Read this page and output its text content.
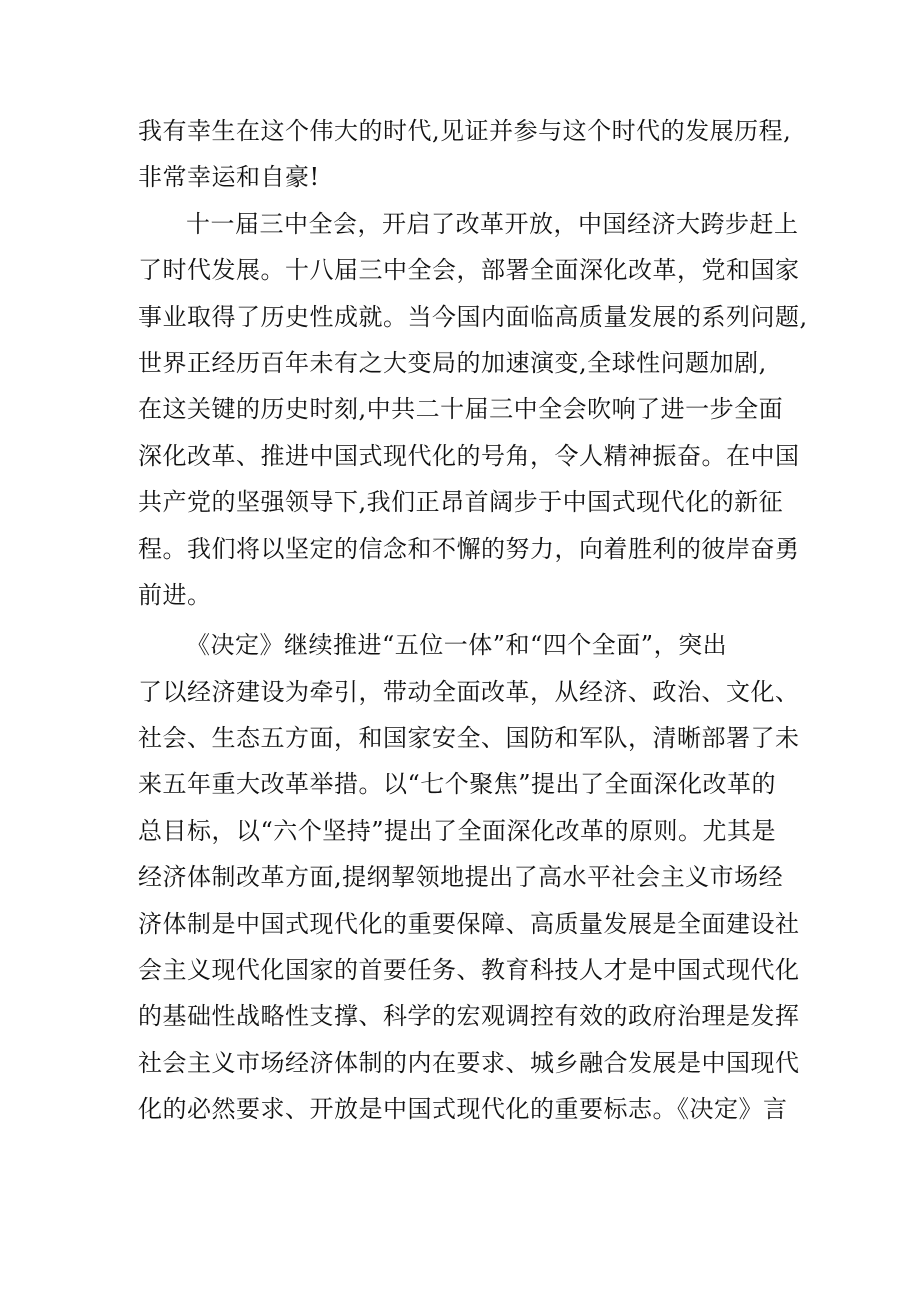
我有幸生在这个伟大的时代,见证并参与这个时代的发展历程,
非常幸运和自豪!
十一届三中全会，开启了改革开放，中国经济大跨步赶上
了时代发展。十八届三中全会，部署全面深化改革，党和国家
事业取得了历史性成就。当今国内面临高质量发展的系列问题,
世界正经历百年未有之大变局的加速演变,全球性问题加剧,
在这关键的历史时刻,中共二十届三中全会吹响了进一步全面
深化改革、推进中国式现代化的号角，令人精神振奋。在中国
共产党的坚强领导下,我们正昂首阔步于中国式现代化的新征
程。我们将以坚定的信念和不懈的努力，向着胜利的彼岸奋勇
前进。
《决定》继续推进“五位一体”和“四个全面”，突出
了以经济建设为牵引，带动全面改革，从经济、政治、文化、
社会、生态五方面，和国家安全、国防和军队，清晰部署了未
来五年重大改革举措。以“七个聚焦”提出了全面深化改革的
总目标，以“六个坚持”提出了全面深化改革的原则。尤其是
经济体制改革方面,提纲挈领地提出了高水平社会主义市场经
济体制是中国式现代化的重要保障、高质量发展是全面建设社
会主义现代化国家的首要任务、教育科技人才是中国式现代化
的基础性战略性支撑、科学的宏观调控有效的政府治理是发挥
社会主义市场经济体制的内在要求、城乡融合发展是中国现代
化的必然要求、开放是中国式现代化的重要标志。《决定》言
